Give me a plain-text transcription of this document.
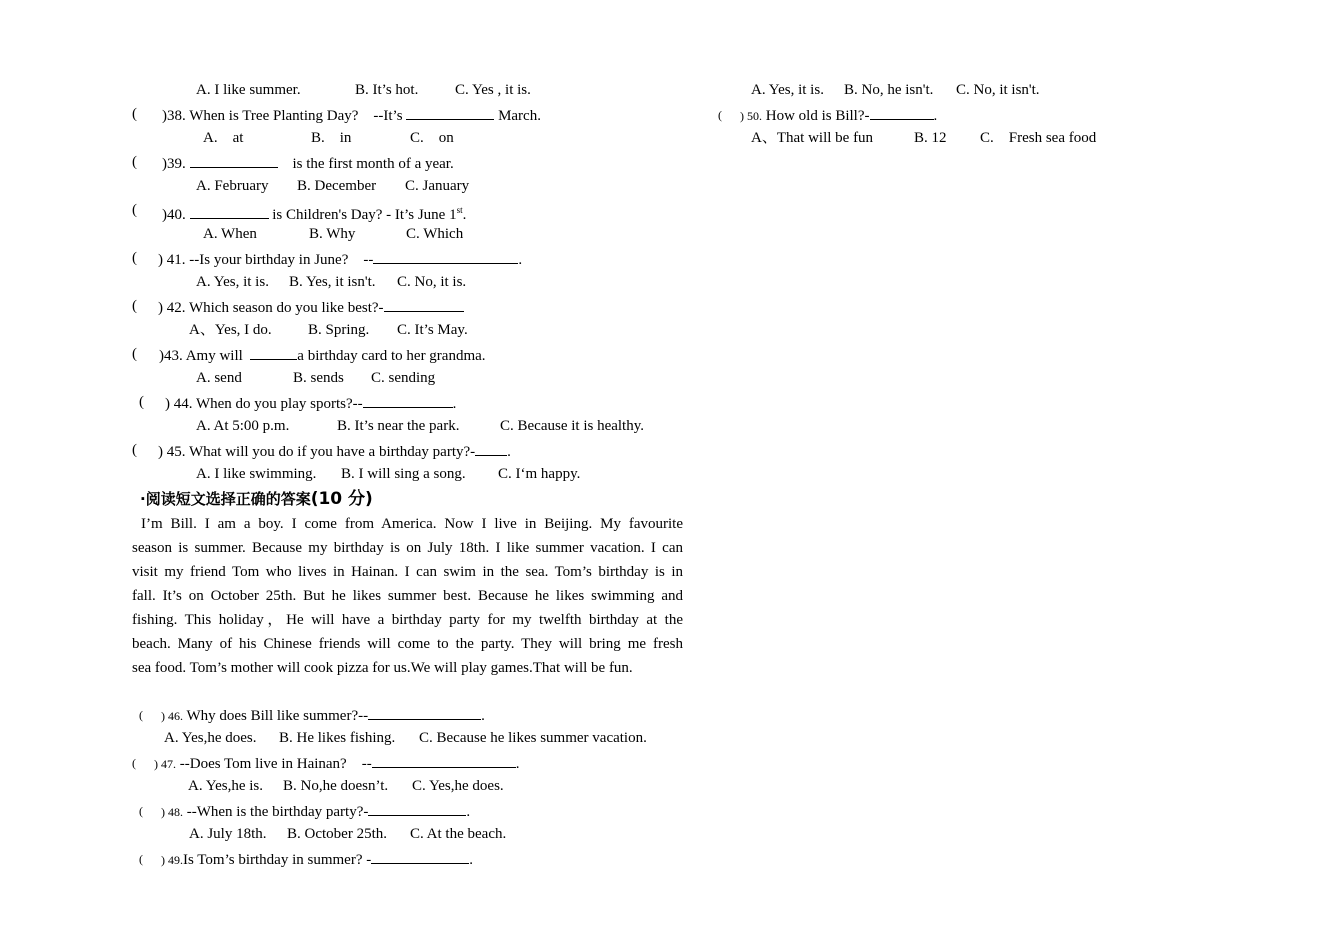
A. I like summer.	B. It’s hot. C. Yes , it is.
( )38. When is Tree Planting Day? --It’s	March.
A.    at	B.    in	C.    on
( )39.	is the first month of a year.
A. February B. December C. January
( )40.	is Children's Day? - It’s June 1st.
A. When	B. Why	C. Which
( ) 41. --Is your birthday in June? --	.
A. Yes, it is. B. Yes, it isn't. C. No, it is.
( ) 42. Which season do you like best?-
A、Yes, I do. B. Spring. C. It’s May.
( )43. Amy will	a birthday card to her grandma.
A. send	B. sends C. sending
( ) 44. When do you play sports?--	.
A. At 5:00 p.m.	B. It’s near the park.	C. Because it is healthy.
( ) 45. What will you do if you have a birthday party?- .
A. I like swimming. B. I will sing a song. C. I‘m happy.
·阅读短文选择正确的答案(10 分)

I’m Bill. I am a boy. I come from America. Now I live in Beijing. My favourite

season is summer. Because my birthday is on July 18th. I like summer vacation. I can

visit my friend Tom who lives in Hainan. I can swim in the sea. Tom’s birthday is in

fall. It’s on October 25th. But he likes summer best. Because he likes swimming and

fishing. This holiday，He will have a birthday party for my twelfth birthday at the

beach. Many of his Chinese friends will come to the party. They will bring me fresh

sea food. Tom’s mother will cook pizza for us.We will play games.That will be fun.

( ) 46. Why does Bill like summer?--	.
A. Yes,he does. B. He likes fishing. C. Because he likes summer vacation.
( ) 47. --Does Tom live in Hainan? --	.
A. Yes,he is. B. No,he doesn’t. C. Yes,he does.
( ) 48. --When is the birthday party?-	.
A. July 18th. B. October 25th. C. At the beach.
( ) 49.Is Tom’s birthday in summer? -	.
A. Yes, it is. B. No, he isn't. C. No, it isn't.
( ) 50. How old is Bill?-	.
A、That will be fun	B. 12 C.    Fresh sea food
